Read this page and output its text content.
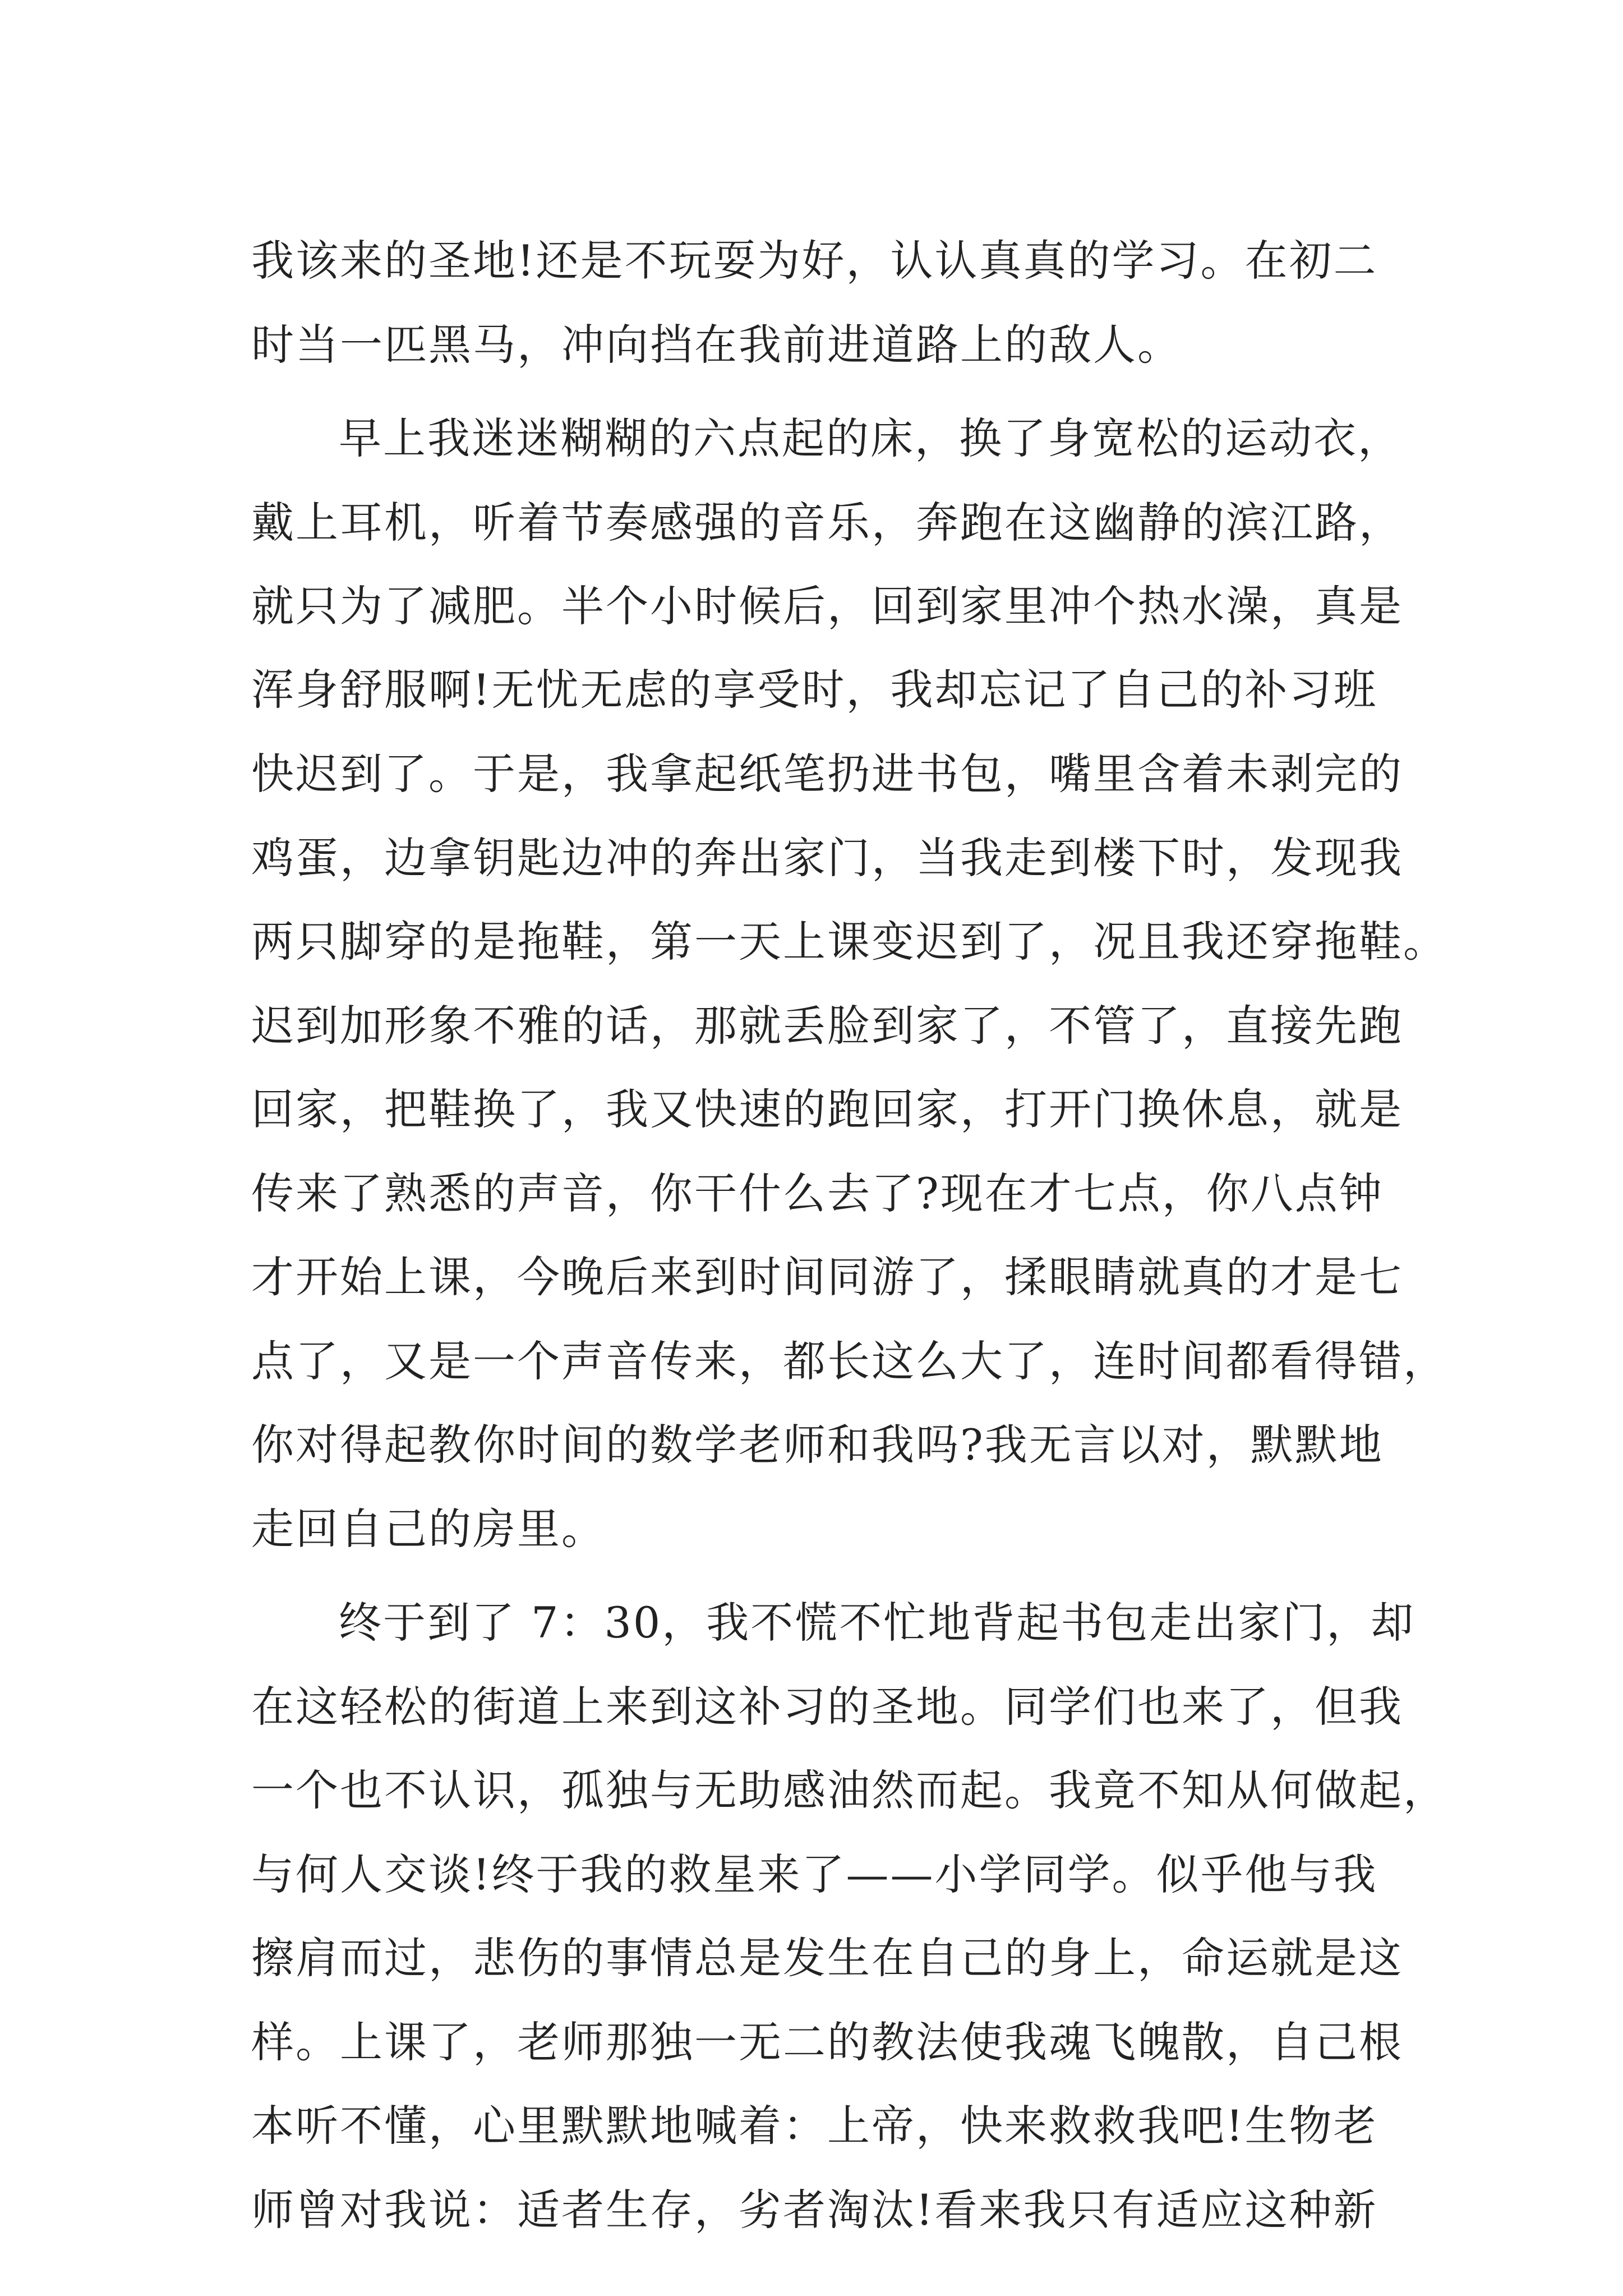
我该来的圣地!还是不玩耍为好，认认真真的学习。在初二

时当一匹黑马，冲向挡在我前进道路上的敌人。

早上我迷迷糊糊的六点起的床，换了身宽松的运动衣，

戴上耳机，听着节奏感强的音乐，奔跑在这幽静的滨江路，

就只为了减肥。半个小时候后，回到家里冲个热水澡，真是

浑身舒服啊!无忧无虑的享受时，我却忘记了自己的补习班

快迟到了。于是，我拿起纸笔扔进书包，嘴里含着未剥完的

鸡蛋，边拿钥匙边冲的奔出家门，当我走到楼下时，发现我

两只脚穿的是拖鞋，第一天上课变迟到了，况且我还穿拖鞋。

迟到加形象不雅的话，那就丢脸到家了，不管了，直接先跑

回家，把鞋换了，我又快速的跑回家，打开门换休息，就是

传来了熟悉的声音，你干什么去了?现在才七点，你八点钟

才开始上课，今晚后来到时间同游了，揉眼睛就真的才是七

点了，又是一个声音传来，都长这么大了，连时间都看得错，

你对得起教你时间的数学老师和我吗?我无言以对，默默地

走回自己的房里。

终于到了 7：30，我不慌不忙地背起书包走出家门，却

在这轻松的街道上来到这补习的圣地。同学们也来了，但我

一个也不认识，孤独与无助感油然而起。我竟不知从何做起，

与何人交谈!终于我的救星来了——小学同学。似乎他与我

擦肩而过，悲伤的事情总是发生在自己的身上，命运就是这

样。上课了，老师那独一无二的教法使我魂飞魄散，自己根

本听不懂，心里默默地喊着：上帝，快来救救我吧!生物老

师曾对我说：适者生存，劣者淘汰!看来我只有适应这种新
